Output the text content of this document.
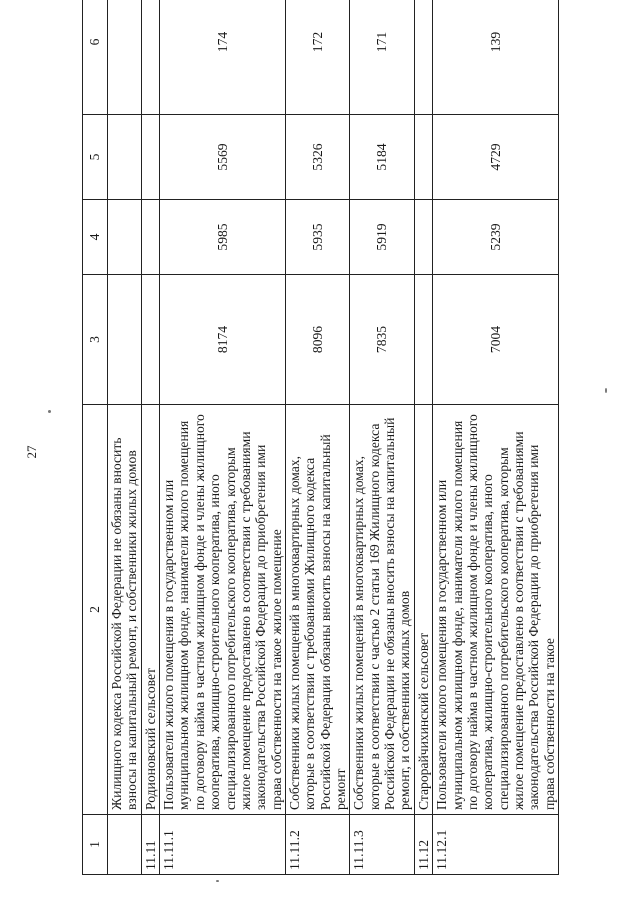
27
1	2	3	4	5	6
	Жилищного кодекса Российской Федерации не обязаны вносить взносы на капитальный ремонт, и собственники жилых домов				
11.11	Родионовский сельсовет				
11.11.1	Пользователи жилого помещения в государственном или муниципальном жилищном фонде, наниматели жилого помещения по договору найма в частном жилищном фонде и члены жилищного кооператива, жилищно-строительного кооператива, иного специализированного потребительского кооператива, которым жилое помещение предоставлено в соответствии с требованиями законодательства Российской Федерации до приобретения ими права собственности на такое жилое помещение	8174	5985	5569	174
11.11.2	Собственники жилых помещений в многоквартирных домах, которые в соответствии с требованиями Жилищного кодекса Российской Федерации обязаны вносить взносы на капитальный ремонт	8096	5935	5326	172
11.11.3	Собственники жилых помещений в многоквартирных домах, которые в соответствии с частью 2 статьи 169 Жилищного кодекса Российской Федерации не обязаны вносить взносы на капитальный ремонт, и собственники жилых домов	7835	5919	5184	171
11.12	Старорайчихинский сельсовет				
11.12.1	Пользователи жилого помещения в государственном или муниципальном жилищном фонде, наниматели жилого помещения по договору найма в частном жилищном фонде и члены жилищного кооператива, жилищно-строительного кооператива, иного специализированного потребительского кооператива, которым жилое помещение предоставлено в соответствии с требованиями законодательства Российской Федерации до приобретения ими права собственности на такое	7004	5239	4729	139
